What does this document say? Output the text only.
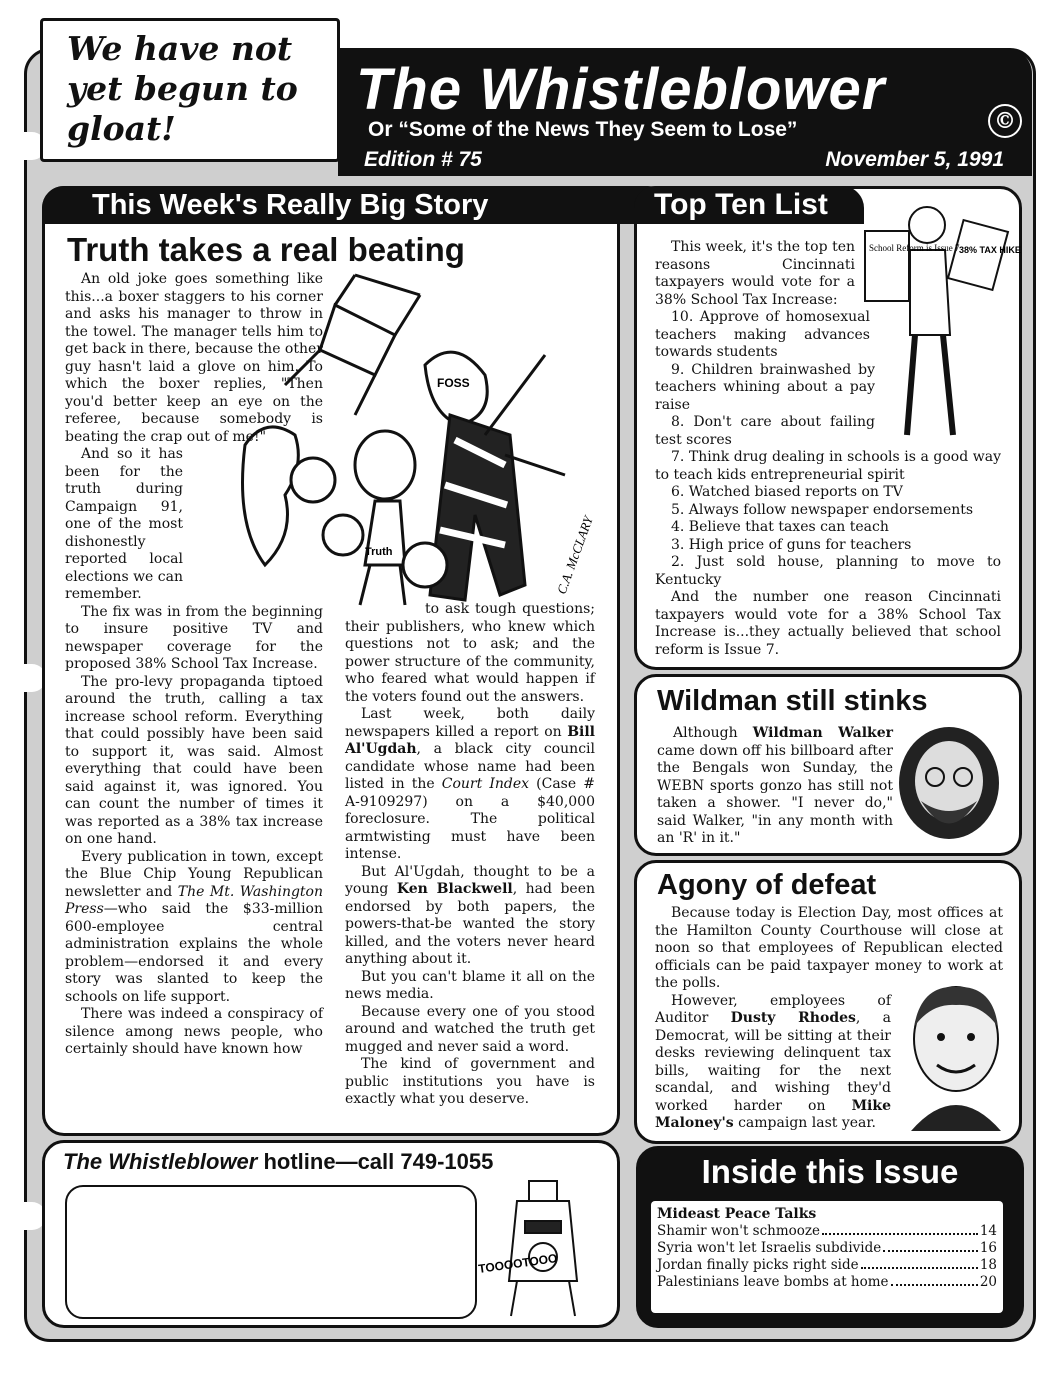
We have not
yet begun to
gloat!
The Whistleblower
Or “Some of the News They Seem to Lose”	©
Edition # 75	November 5, 1991
This Week's Really Big Story
Truth takes a real beating
FOSS
Truth	C.A. McCLARY

An old joke goes something like this...a boxer staggers to his corner and asks his manager to throw in the towel. The manager tells him to get back in there, because the other guy hasn't laid a glove on him. To which the boxer replies, "Then you'd better keep an eye on the referee, because somebody is beating the crap out of me!"

And so it has been for the truth during Campaign 91, one of the most dishonestly reported local elections we can remember.

The fix was in from the beginning to insure positive TV and newspaper coverage for the proposed 38% School Tax Increase.

The pro-levy propaganda tiptoed around the truth, calling a tax increase school reform. Everything that could possibly have been said to support it, was said. Almost everything that could have been said against it, was ignored. You can count the number of times it was reported as a 38% tax increase on one hand.

Every publication in town, except the Blue Chip Young Republican newsletter and The Mt. Washington Press—who said the $33-million 600-employee central administration explains the whole problem—endorsed it and every story was slanted to keep the schools on life support.

There was indeed a conspiracy of silence among news people, who certainly should have known how

to ask tough questions; their publishers, who knew which questions not to ask; and the power structure of the community, who feared what would happen if the voters found out the answers.

Last week, both daily newspapers killed a report on Bill Al'Ugdah, a black city council candidate whose name had been listed in the Court Index (Case # A-9109297) on a $40,000 foreclosure. The political armtwisting must have been intense.

But Al'Ugdah, thought to be a young Ken Blackwell, had been endorsed by both papers, the powers-that-be wanted the story killed, and the voters never heard anything about it.

But you can't blame it all on the news media.

Because every one of you stood around and watched the truth get mugged and never said a word.

The kind of government and public institutions you have is exactly what you deserve.

Top Ten List
School Reform is Issue 7 38% TAX HIKE

This week, it's the top ten reasons Cincinnati taxpayers would vote for a 38% School Tax Increase:

10. Approve of homosexual teachers making advances towards students

9. Children brainwashed by teachers whining about a pay raise

8. Don't care about failing test scores

7. Think drug dealing in schools is a good way to teach kids entrepreneurial spirit

6. Watched biased reports on TV

5. Always follow newspaper endorsements

4. Believe that taxes can teach

3. High price of guns for teachers

2. Just sold house, planning to move to Kentucky

And the number one reason Cincinnati taxpayers would vote for a 38% School Tax Increase is...they actually believed that school reform is Issue 7.

Wildman still stinks

Although Wildman Walker came down off his billboard after the Bengals won Sunday, the WEBN sports gonzo has still not taken a shower. "I never do," said Walker, "in any month with an 'R' in it."

Agony of defeat

Because today is Election Day, most offices at the Hamilton County Courthouse will close at noon so that employees of Republican elected officials can be paid taxpayer money to work at the polls.

However, employees of Auditor Dusty Rhodes, a Democrat, will be sitting at their desks reviewing delinquent tax bills, waiting for the next scandal, and wishing they'd worked harder on Mike Maloney's campaign last year.

The Whistleblower hotline—call 749-1055
TOOOOTOOO
Inside this Issue
Mideast Peace Talks
Shamir won't schmooze	14
Syria won't let Israelis subdivide	16
Jordan finally picks right side	18
Palestinians leave bombs at home	20
